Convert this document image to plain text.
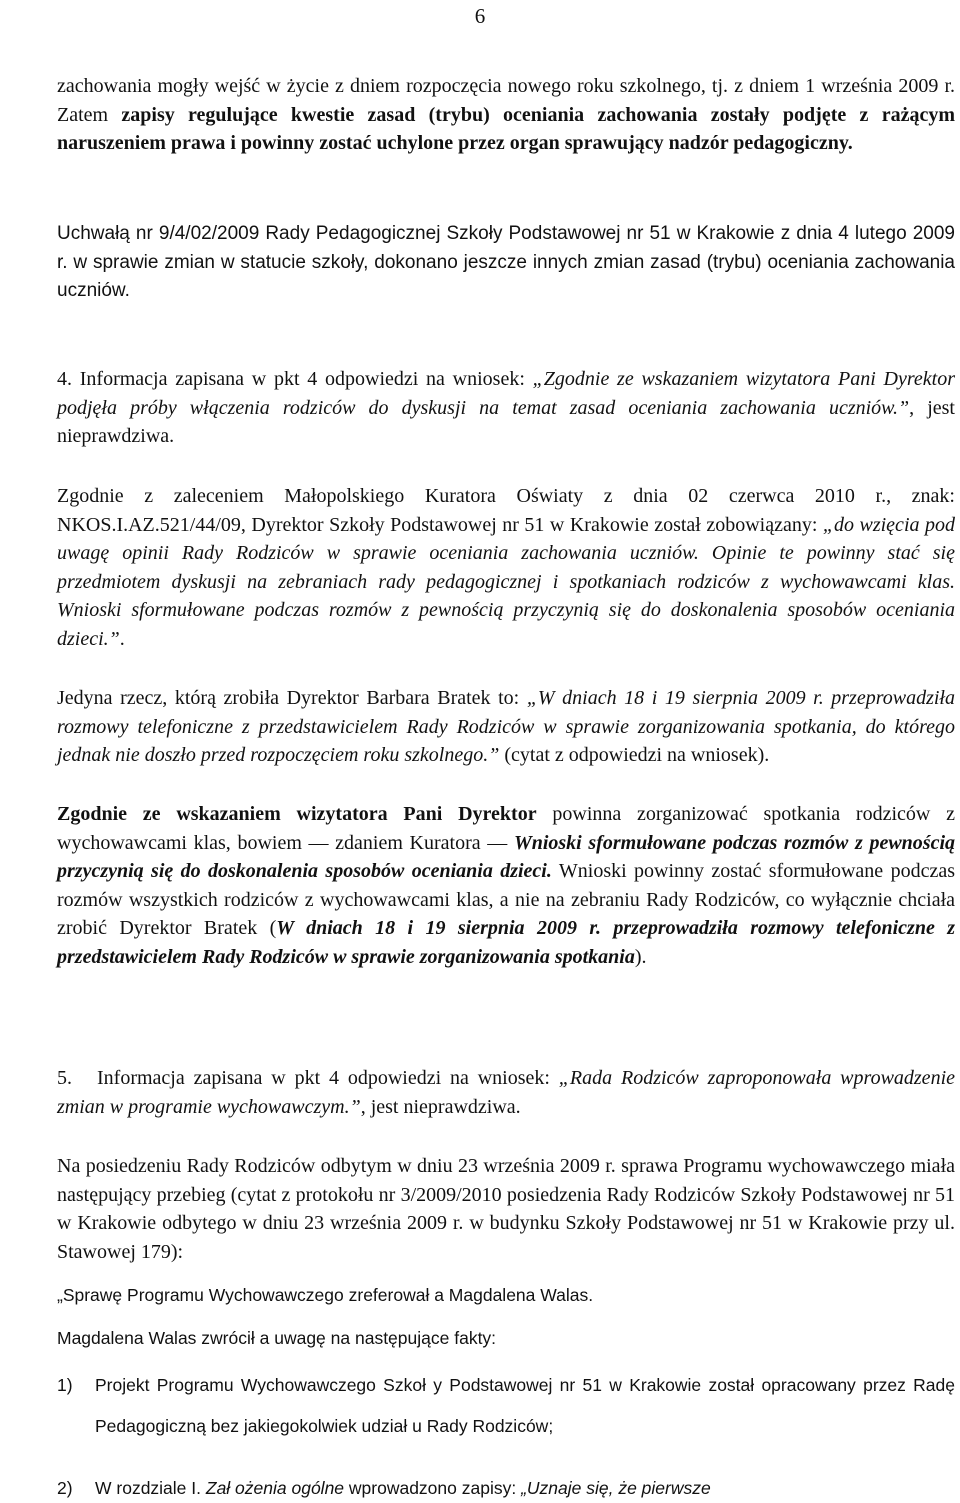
6
zachowania mogły wejść w życie z dniem rozpoczęcia nowego roku szkolnego, tj. z dniem 1 września 2009 r. Zatem zapisy regulujące kwestie zasad (trybu) oceniania zachowania zostały podjęte z rażącym naruszeniem prawa i powinny zostać uchylone przez organ sprawujący nadzór pedagogiczny.
Uchwałą nr 9/4/02/2009 Rady Pedagogicznej Szkoły Podstawowej nr 51 w Krakowie z dnia 4 lutego 2009 r. w sprawie zmian w statucie szkoły, dokonano jeszcze innych zmian zasad (trybu) oceniania zachowania uczniów.
4. Informacja zapisana w pkt 4 odpowiedzi na wniosek: „Zgodnie ze wskazaniem wizytatora Pani Dyrektor podjęła próby włączenia rodziców do dyskusji na temat zasad oceniania zachowania uczniów.”, jest nieprawdziwa.
Zgodnie z zaleceniem Małopolskiego Kuratora Oświaty z dnia 02 czerwca 2010 r., znak: NKOS.I.AZ.521/44/09, Dyrektor Szkoły Podstawowej nr 51 w Krakowie został zobowiązany: „do wzięcia pod uwagę opinii Rady Rodziców w sprawie oceniania zachowania uczniów. Opinie te powinny stać się przedmiotem dyskusji na zebraniach rady pedagogicznej i spotkaniach rodziców z wychowawcami klas. Wnioski sformułowane podczas rozmów z pewnością przyczynią się do doskonalenia sposobów oceniania dzieci.”.
Jedyna rzecz, którą zrobiła Dyrektor Barbara Bratek to: „W dniach 18 i 19 sierpnia 2009 r. przeprowadziła rozmowy telefoniczne z przedstawicielem Rady Rodziców w sprawie zorganizowania spotkania, do którego jednak nie doszło przed rozpoczęciem roku szkolnego.” (cytat z odpowiedzi na wniosek).
Zgodnie ze wskazaniem wizytatora Pani Dyrektor powinna zorganizować spotkania rodziców z wychowawcami klas, bowiem — zdaniem Kuratora — Wnioski sformułowane podczas rozmów z pewnością przyczynią się do doskonalenia sposobów oceniania dzieci. Wnioski powinny zostać sformułowane podczas rozmów wszystkich rodziców z wychowawcami klas, a nie na zebraniu Rady Rodziców, co wyłącznie chciała zrobić Dyrektor Bratek (W dniach 18 i 19 sierpnia 2009 r. przeprowadziła rozmowy telefoniczne z przedstawicielem Rady Rodziców w sprawie zorganizowania spotkania).
5. Informacja zapisana w pkt 4 odpowiedzi na wniosek: „Rada Rodziców zaproponowała wprowadzenie zmian w programie wychowawczym.”, jest nieprawdziwa.
Na posiedzeniu Rady Rodziców odbytym w dniu 23 września 2009 r. sprawa Programu wychowawczego miała następujący przebieg (cytat z protokołu nr 3/2009/2010 posiedzenia Rady Rodziców Szkoły Podstawowej nr 51 w Krakowie odbytego w dniu 23 września 2009 r. w budynku Szkoły Podstawowej nr 51 w Krakowie przy ul. Stawowej 179):
„Sprawę Programu Wychowawczego zreferował a Magdalena Walas.
Magdalena Walas zwrócił a uwagę na następujące fakty:
1) Projekt Programu Wychowawczego Szkoł y Podstawowej nr 51 w Krakowie został opracowany przez Radę Pedagogiczną bez jakiegokolwiek udział u Rady Rodziców;
2) W rozdziale I. Zał ożenia ogólne wprowadzono zapisy: „Uznaje się, że pierwsze
